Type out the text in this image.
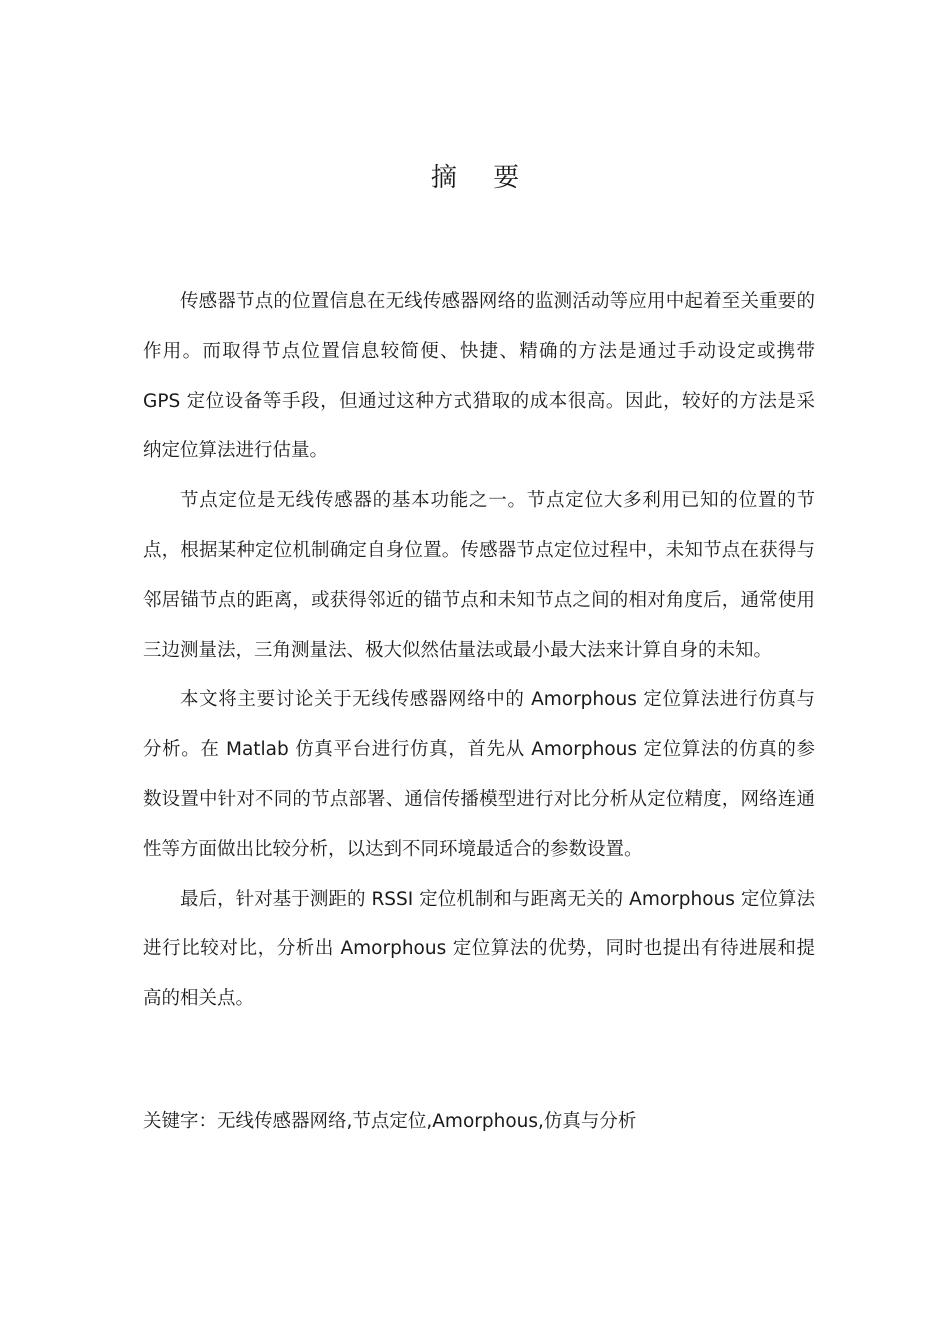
摘 要

传感器节点的位置信息在无线传感器网络的监测活动等应用中起着至关重要的作用。而取得节点位置信息较简便、快捷、精确的方法是通过手动设定或携带 GPS 定位设备等手段，但通过这种方式猎取的成本很高。因此，较好的方法是采纳定位算法进行估量。

节点定位是无线传感器的基本功能之一。节点定位大多利用已知的位置的节点，根据某种定位机制确定自身位置。传感器节点定位过程中，未知节点在获得与邻居锚节点的距离，或获得邻近的锚节点和未知节点之间的相对角度后，通常使用三边测量法，三角测量法、极大似然估量法或最小最大法来计算自身的未知。

本文将主要讨论关于无线传感器网络中的 Amorphous 定位算法进行仿真与分析。在 Matlab 仿真平台进行仿真，首先从 Amorphous 定位算法的仿真的参数设置中针对不同的节点部署、通信传播模型进行对比分析从定位精度，网络连通性等方面做出比较分析，以达到不同环境最适合的参数设置。

最后，针对基于测距的 RSSI 定位机制和与距离无关的 Amorphous 定位算法进行比较对比，分析出 Amorphous 定位算法的优势，同时也提出有待进展和提高的相关点。

关键字：无线传感器网络,节点定位,Amorphous,仿真与分析
